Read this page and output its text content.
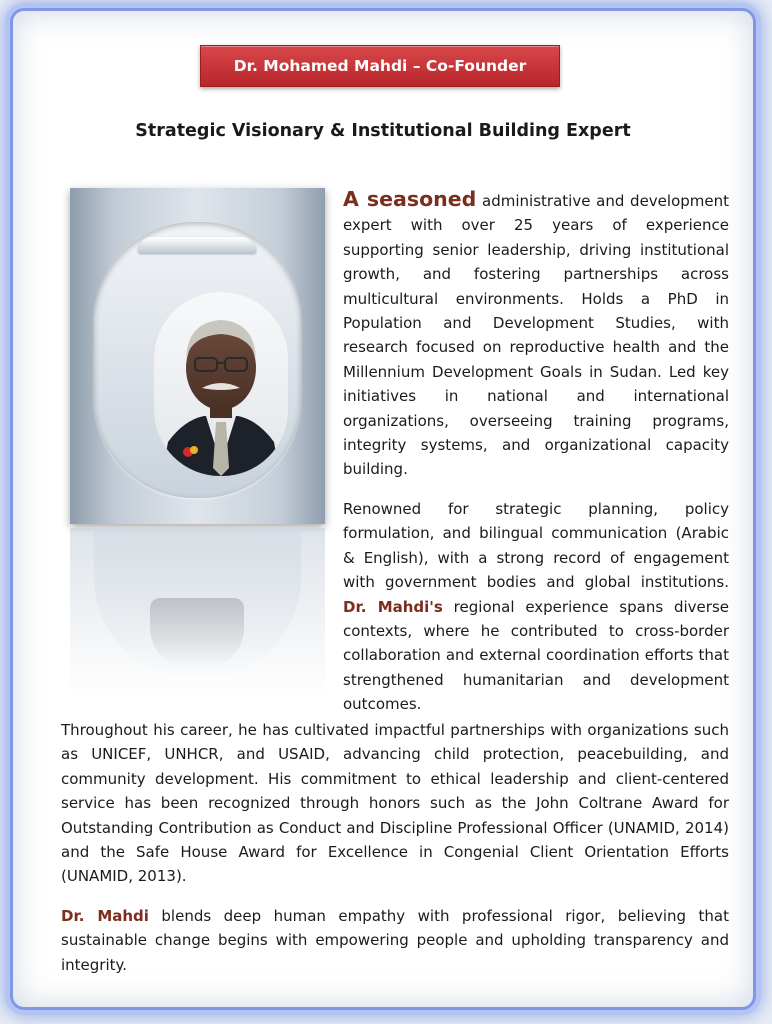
Dr. Mohamed Mahdi – Co-Founder
Strategic Visionary & Institutional Building Expert

A seasoned administrative and development expert with over 25 years of experience supporting senior leadership, driving institutional growth, and fostering partnerships across multicultural environments. Holds a PhD in Population and Development Studies, with research focused on reproductive health and the Millennium Development Goals in Sudan. Led key initiatives in national and international organizations, overseeing training programs, integrity systems, and organizational capacity building.

Renowned for strategic planning, policy formulation, and bilingual communication (Arabic & English), with a strong record of engagement with government bodies and global institutions. Dr. Mahdi's regional experience spans diverse contexts, where he contributed to cross-border collaboration and external coordination efforts that strengthened humanitarian and development outcomes.

Throughout his career, he has cultivated impactful partnerships with organizations such as UNICEF, UNHCR, and USAID, advancing child protection, peacebuilding, and community development. His commitment to ethical leadership and client-centered service has been recognized through honors such as the John Coltrane Award for Outstanding Contribution as Conduct and Discipline Professional Officer (UNAMID, 2014) and the Safe House Award for Excellence in Congenial Client Orientation Efforts (UNAMID, 2013).

Dr. Mahdi blends deep human empathy with professional rigor, believing that sustainable change begins with empowering people and upholding transparency and integrity.
